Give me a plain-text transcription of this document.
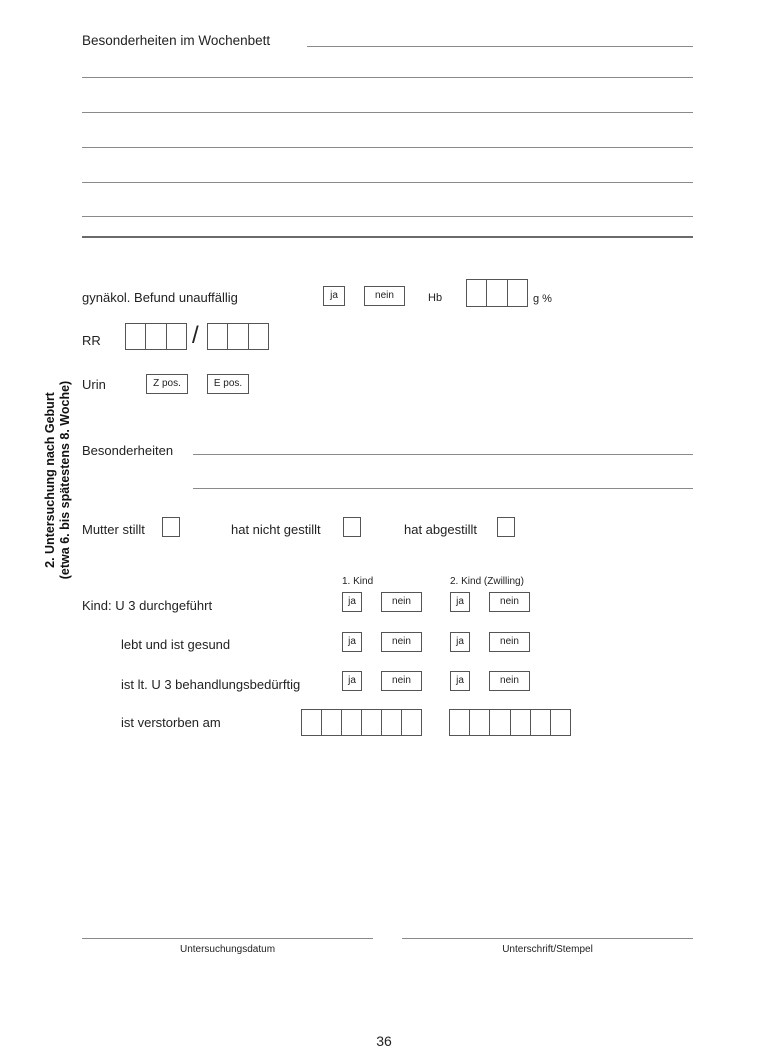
Besonderheiten im Wochenbett
2. Untersuchung nach Geburt (etwa 6. bis spätestens 8. Woche)
gynäkol. Befund unauffällig	ja	nein	Hb	g %
RR	/
Urin	Z pos.	E pos.
Besonderheiten
Mutter stillt	hat nicht gestillt	hat abgestillt
1. Kind	2. Kind (Zwilling)
Kind: U 3 durchgeführt	ja	nein	ja	nein
lebt und ist gesund	ja	nein	ja	nein
ist lt. U 3 behandlungsbedürftig	ja	nein	ja	nein
ist verstorben am
Untersuchungsdatum	Unterschrift/Stempel
36
